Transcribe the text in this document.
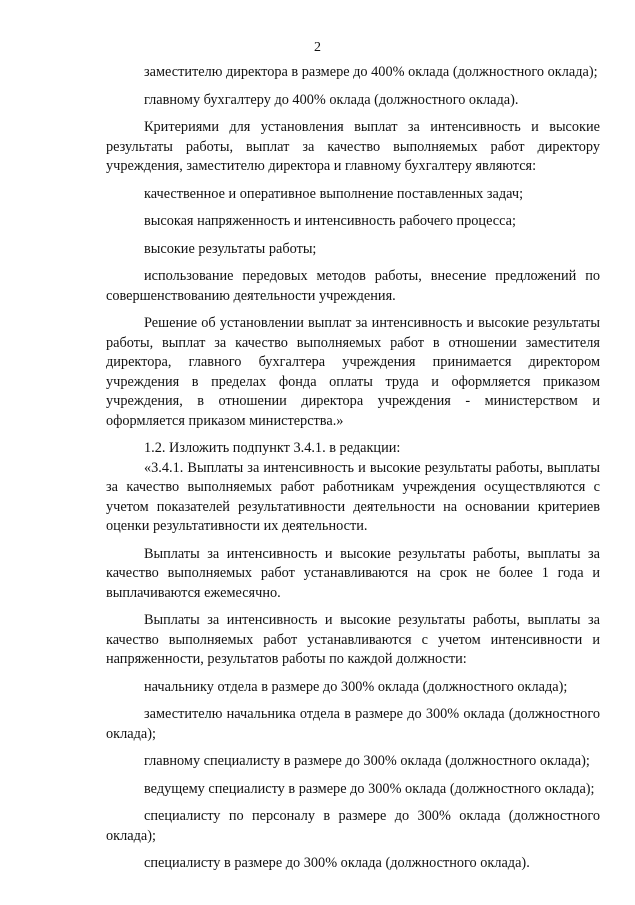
2

заместителю директора в размере до 400% оклада (должностного оклада);

главному бухгалтеру до 400% оклада (должностного оклада).

Критериями для установления выплат за интенсивность и высокие результаты работы, выплат за качество выполняемых работ директору учреждения, заместителю директора и главному бухгалтеру являются:

качественное и оперативное выполнение поставленных задач;

высокая напряженность и интенсивность рабочего процесса;

высокие результаты работы;

использование передовых методов работы, внесение предложений по совершенствованию деятельности учреждения.

Решение об установлении выплат за интенсивность и высокие результаты работы, выплат за качество выполняемых работ в отношении заместителя директора, главного бухгалтера учреждения принимается директором учреждения в пределах фонда оплаты труда и оформляется приказом учреждения, в отношении директора учреждения - министерством и оформляется приказом министерства.»

1.2. Изложить подпункт 3.4.1. в редакции:

«3.4.1. Выплаты за интенсивность и высокие результаты работы, выплаты за качество выполняемых работ работникам учреждения осуществляются с учетом показателей результативности деятельности на основании критериев оценки результативности их деятельности.

Выплаты за интенсивность и высокие результаты работы, выплаты за качество выполняемых работ устанавливаются на срок не более 1 года и выплачиваются ежемесячно.

Выплаты за интенсивность и высокие результаты работы, выплаты за качество выполняемых работ устанавливаются с учетом интенсивности и напряженности, результатов работы по каждой должности:

начальнику отдела в размере до 300% оклада (должностного оклада);

заместителю начальника отдела в размере до 300% оклада (должностного оклада);

главному специалисту в размере до 300% оклада (должностного оклада);

ведущему специалисту в размере до 300% оклада (должностного оклада);

специалисту по персоналу в размере до 300% оклада (должностного оклада);

специалисту в размере до 300% оклада (должностного оклада).
